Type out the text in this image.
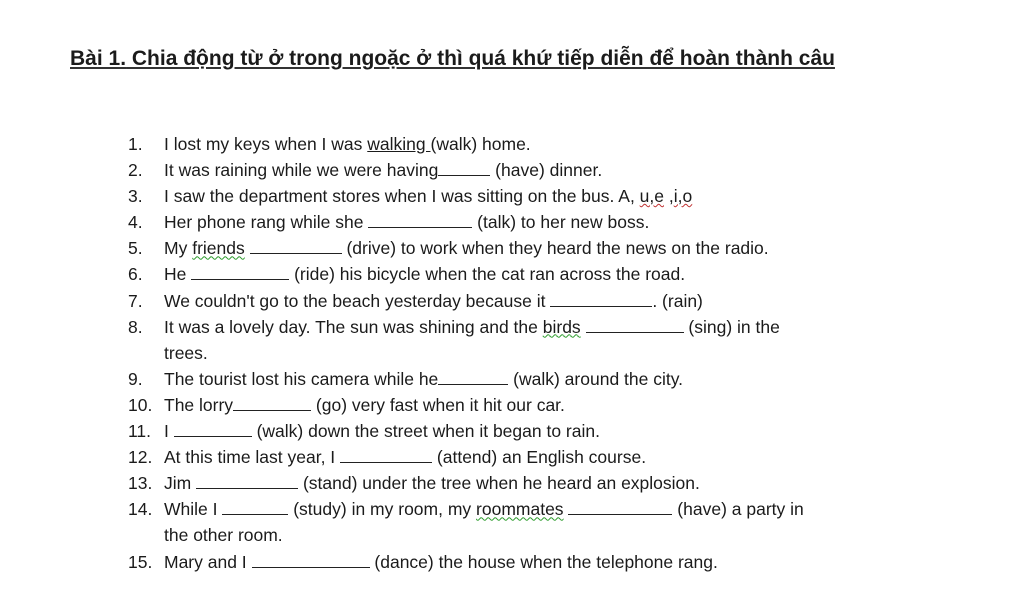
Bài 1. Chia động từ ở trong ngoặc ở thì quá khứ tiếp diễn để hoàn thành câu
1.	I lost my keys when I was walking (walk) home.
2.	It was raining while we were having	(have) dinner.
3.	I saw the department stores when I was sitting on the bus. A, u,e ,i,o
4.	Her phone rang while she	(talk) to her new boss.
5.	My friends	(drive) to work when they heard the news on the radio.
6.	He	(ride) his bicycle when the cat ran across the road.
7.	We couldn't go to the beach yesterday because it	. (rain)
8.	It was a lovely day. The sun was shining and the birds	(sing) in the
trees.
9.	The tourist lost his camera while he	(walk) around the city.
10. The lorry	(go) very fast when it hit our car.
11. I	(walk) down the street when it began to rain.
12. At this time last year, I	(attend) an English course.
13. Jim	(stand) under the tree when he heard an explosion.
14. While I	(study) in my room, my roommates	(have) a party in
the other room.
15. Mary and I	(dance) the house when the telephone rang.
